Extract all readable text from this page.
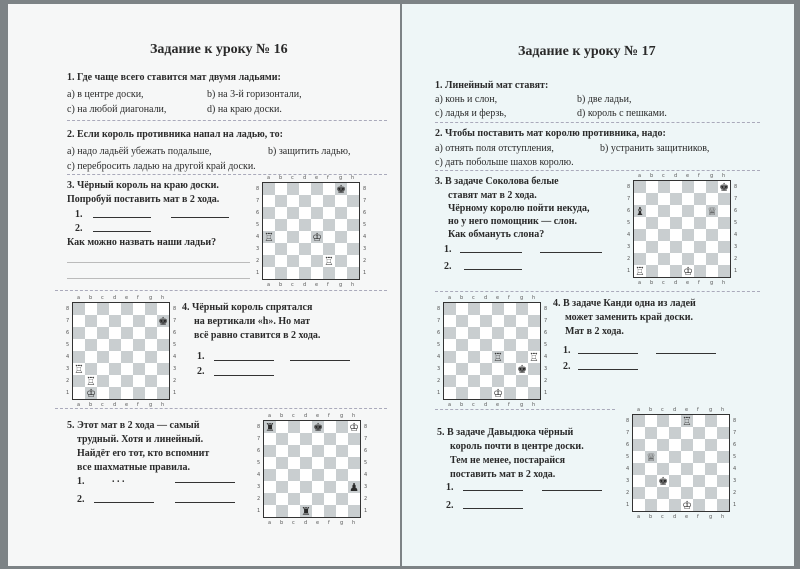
Задание к уроку № 16
1. Где чаще всего ставится мат двумя ладьями:
a) в центре доски,	b) на 3-й горизонтали,
c) на любой диагонали,	d) на краю доски.
2. Если король противника напал на ладью, то:
a) надо ладьёй убежать подальше,	b) защитить ладью,
c) перебросить ладью на другой край доски.
3. Чёрный король на краю доски.
Попробуй поставить мат в 2 хода.
1.
2.
Как можно назвать наши ладьи?
♚
♖	♔
♖
♚
♖
♖
♔
4. Чёрный король спрятался
на вертикали «h». Но мат
всё равно ставится в 2 хода.
1.
2.
5. Этот мат в 2 хода — самый
трудный. Хотя и линейный.
Найдёт его тот, кто вспомнит
все шахматные правила.
1.	. . .
2.
♜	♚ ♔
♟
♜
Задание к уроку № 17
1. Линейный мат ставят:
a) конь и слон,	b) две ладьи,
c) ладья и ферзь,	d) король с пешками.
2. Чтобы поставить мат королю противника, надо:
a) отнять поля отступления,	b) устранить защитников,
c) дать побольше шахов королю.
3. В задаче Соколова белые
ставят мат в 2 хода.
Чёрному королю пойти некуда,
но у него помощник — слон.
Как обмануть слона?
1.
2.
♚
♝	♕
♖	♔
♖ ♖
♚
♔
4. В задаче Канди одна из ладей
может заменить край доски.
Мат в 2 хода.
1.
2.
5. В задаче Давыдюка чёрный
король почти в центре доски.
Тем не менее, постарайся
поставить мат в 2 хода.
1.
2.
♖
♕
♚
♔
a
a
b
b
c
c
d
d
e
e
f
f
g
g
h
h
8	8
7	7
6	6
5	5
4	4
3	3
2	2
1	1
a
a
b
b
c
c
d
d
e
e
f
f
g
g
h
h
8	8
7	7
6	6
5	5
4	4
3	3
2	2
1	1
a
a
b
b
c
c
d
d
e
e
f
f
g
g
h
h
8	8
7	7
6	6
5	5
4	4
3	3
2	2
1	1
a
a
b
b
c
c
d
d
e
e
f
f
g
g
h
h
8	8
7	7
6	6
5	5
4	4
3	3
2	2
1	1
a
a
b
b
c
c
d
d
e
e
f
f
g
g
h
h
8	8
7	7
6	6
5	5
4	4
3	3
2	2
1	1
a
a
b
b
c
c
d
d
e
e
f
f
g
g
h
h
8	8
7	7
6	6
5	5
4	4
3	3
2	2
1	1
